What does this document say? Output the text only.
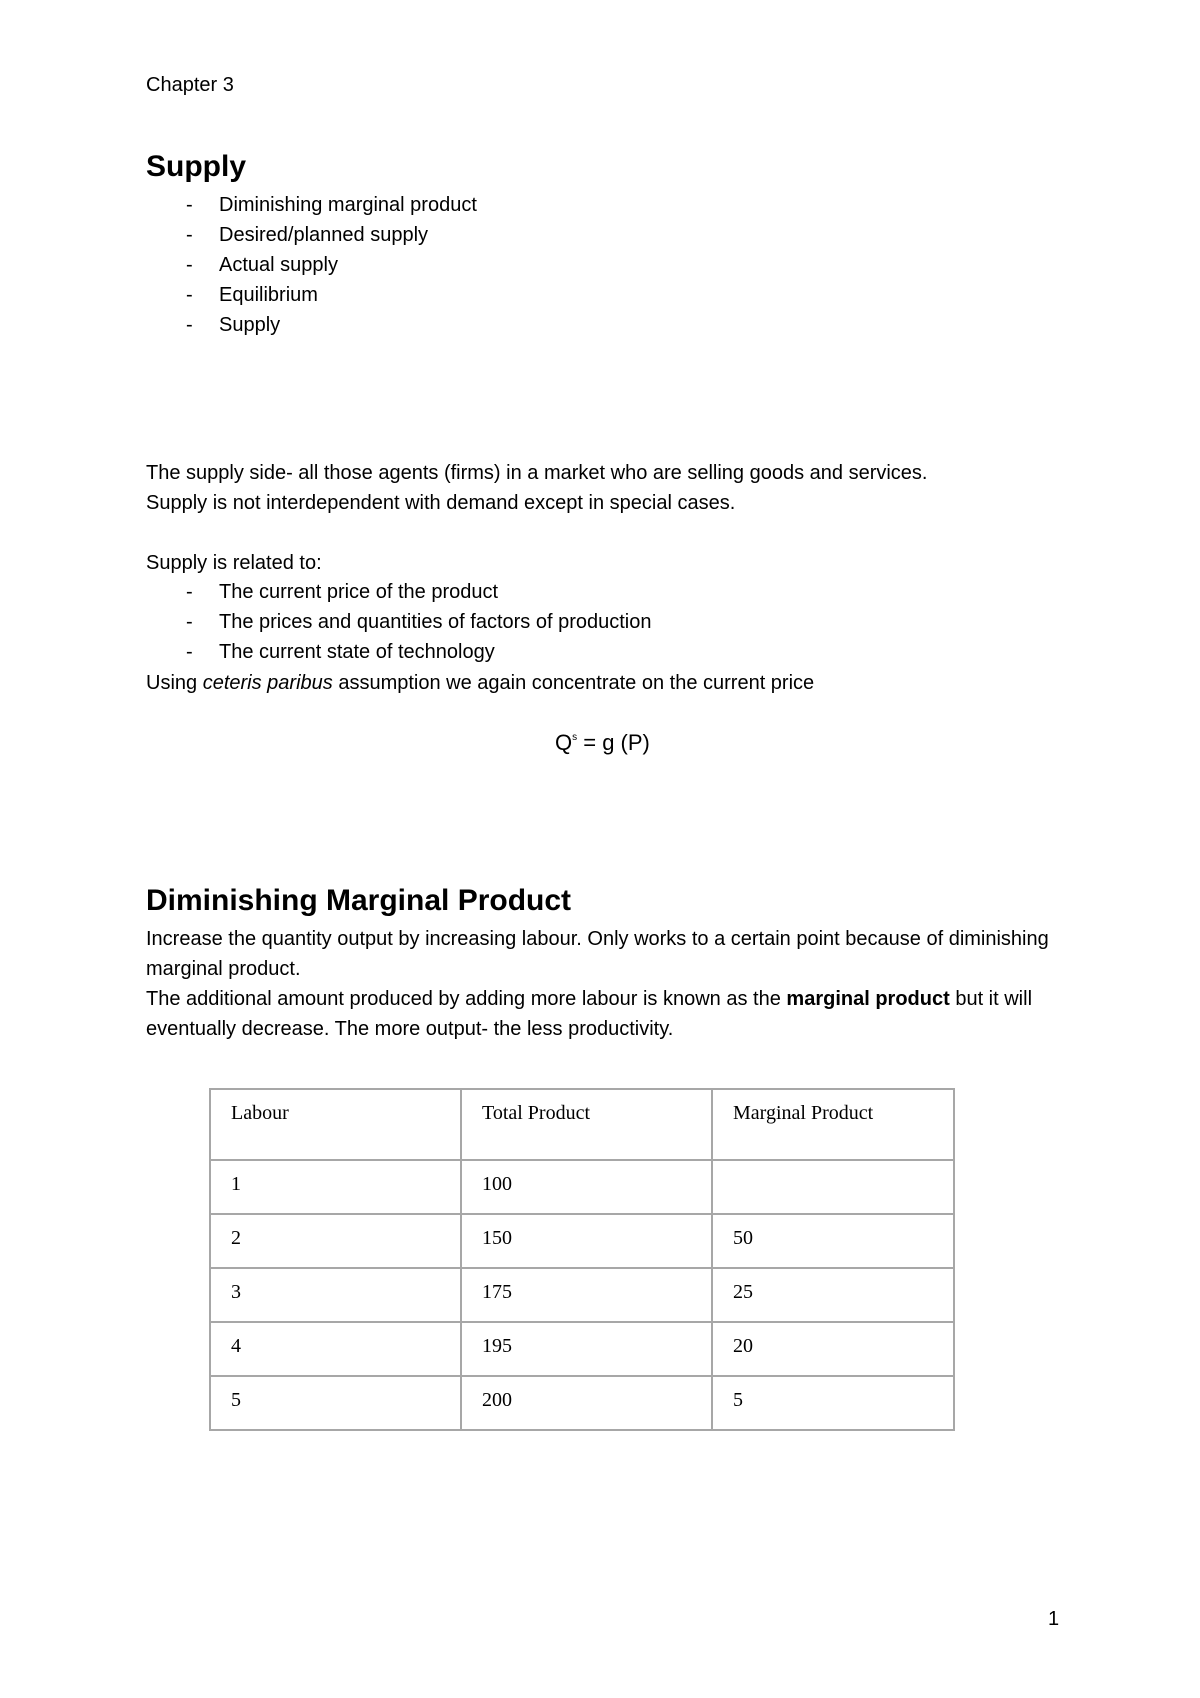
Chapter 3
Supply
- Diminishing marginal product
- Desired/planned supply
- Actual supply
- Equilibrium
- Supply
The supply side- all those agents (firms) in a market who are selling goods and services.
Supply is not interdependent with demand except in special cases.
Supply is related to:
- The current price of the product
- The prices and quantities of factors of production
- The current state of technology
Using ceteris paribus assumption we again concentrate on the current price
$Q^s = g$ (P)
Diminishing Marginal Product

Increase the quantity output by increasing labour. Only works to a certain point because of diminishing marginal product.

The additional amount produced by adding more labour is known as the marginal product but it will eventually decrease. The more output- the less productivity.

Labour	Total Product	Marginal Product
1	100	
2	150	50
3	175	25
4	195	20
5	200	5
1
